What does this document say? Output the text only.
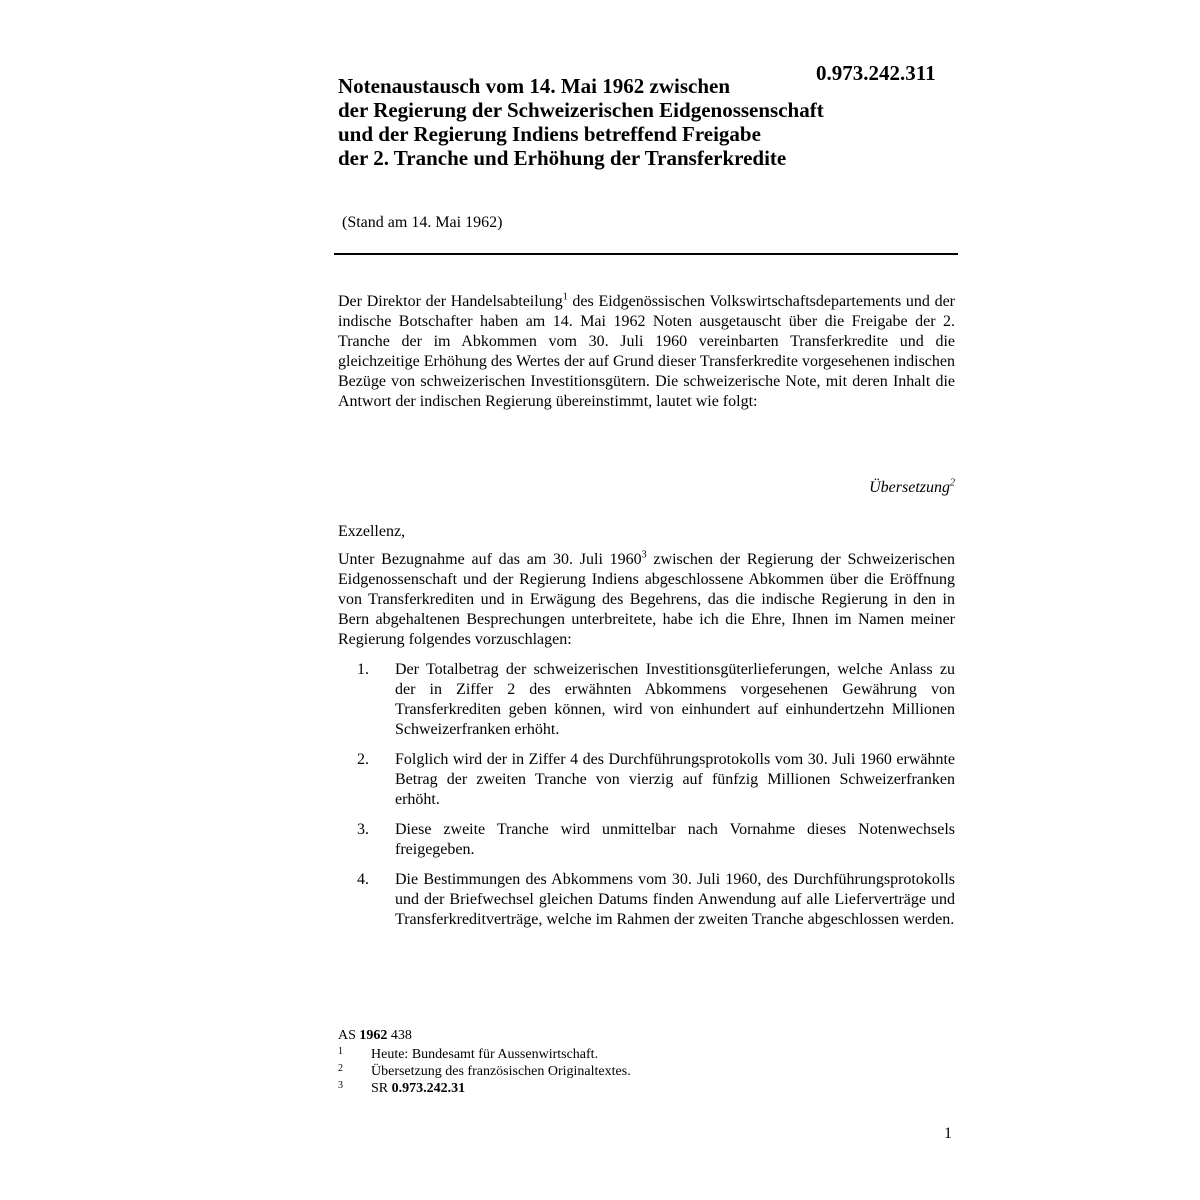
0.973.242.311
Notenaustausch vom 14. Mai 1962 zwischen
der Regierung der Schweizerischen Eidgenossenschaft
und der Regierung Indiens betreffend Freigabe
der 2. Tranche und Erhöhung der Transferkredite
(Stand am 14. Mai 1962)
Der Direktor der Handelsabteilung$^1$ des Eidgenössischen Volkswirtschaftsdepartements und der indische Botschafter haben am 14. Mai 1962 Noten ausgetauscht über die Freigabe der 2. Tranche der im Abkommen vom 30. Juli 1960 vereinbarten Transferkredite und die gleichzeitige Erhöhung des Wertes der auf Grund dieser Transferkredite vorgesehenen indischen Bezüge von schweizerischen Investitionsgütern. Die schweizerische Note, mit deren Inhalt die Antwort der indischen Regierung übereinstimmt, lautet wie folgt:
Übersetzung$^2$
Exzellenz,
Unter Bezugnahme auf das am 30. Juli 1960$^3$ zwischen der Regierung der Schweizerischen Eidgenossenschaft und der Regierung Indiens abgeschlossene Abkommen über die Eröffnung von Transferkrediten und in Erwägung des Begehrens, das die indische Regierung in den in Bern abgehaltenen Besprechungen unterbreitete, habe ich die Ehre, Ihnen im Namen meiner Regierung folgendes vorzuschlagen:
1. Der Totalbetrag der schweizerischen Investitionsgüterlieferungen, welche Anlass zu der in Ziffer 2 des erwähnten Abkommens vorgesehenen Gewährung von Transferkrediten geben können, wird von einhundert auf einhundertzehn Millionen Schweizerfranken erhöht.
2. Folglich wird der in Ziffer 4 des Durchführungsprotokolls vom 30. Juli 1960 erwähnte Betrag der zweiten Tranche von vierzig auf fünfzig Millionen Schweizerfranken erhöht.
3. Diese zweite Tranche wird unmittelbar nach Vornahme dieses Notenwechsels freigegeben.
4. Die Bestimmungen des Abkommens vom 30. Juli 1960, des Durchführungsprotokolls und der Briefwechsel gleichen Datums finden Anwendung auf alle Lieferverträge und Transferkreditverträge, welche im Rahmen der zweiten Tranche abgeschlossen werden.
AS 1962 438
1 Heute: Bundesamt für Aussenwirtschaft.
2 Übersetzung des französischen Originaltextes.
3 SR 0.973.242.31
1
